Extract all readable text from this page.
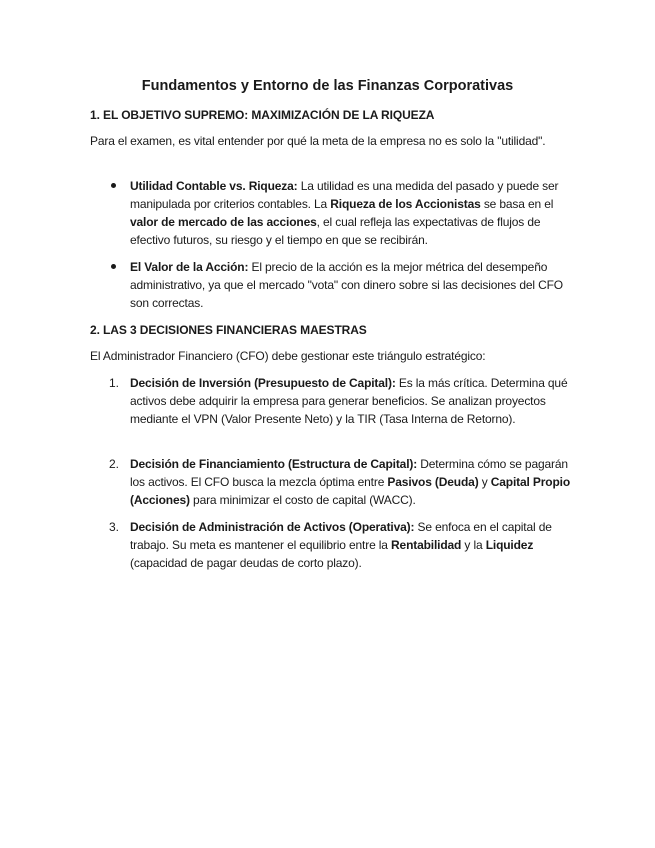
Fundamentos y Entorno de las Finanzas Corporativas
1. EL OBJETIVO SUPREMO: MAXIMIZACIÓN DE LA RIQUEZA
Para el examen, es vital entender por qué la meta de la empresa no es solo la "utilidad".
Utilidad Contable vs. Riqueza: La utilidad es una medida del pasado y puede ser manipulada por criterios contables. La Riqueza de los Accionistas se basa en el valor de mercado de las acciones, el cual refleja las expectativas de flujos de efectivo futuros, su riesgo y el tiempo en que se recibirán.
El Valor de la Acción: El precio de la acción es la mejor métrica del desempeño administrativo, ya que el mercado "vota" con dinero sobre si las decisiones del CFO son correctas.
2. LAS 3 DECISIONES FINANCIERAS MAESTRAS
El Administrador Financiero (CFO) debe gestionar este triángulo estratégico:
1. Decisión de Inversión (Presupuesto de Capital): Es la más crítica. Determina qué activos debe adquirir la empresa para generar beneficios. Se analizan proyectos mediante el VPN (Valor Presente Neto) y la TIR (Tasa Interna de Retorno).
2. Decisión de Financiamiento (Estructura de Capital): Determina cómo se pagarán los activos. El CFO busca la mezcla óptima entre Pasivos (Deuda) y Capital Propio (Acciones) para minimizar el costo de capital (WACC).
3. Decisión de Administración de Activos (Operativa): Se enfoca en el capital de trabajo. Su meta es mantener el equilibrio entre la Rentabilidad y la Liquidez (capacidad de pagar deudas de corto plazo).
